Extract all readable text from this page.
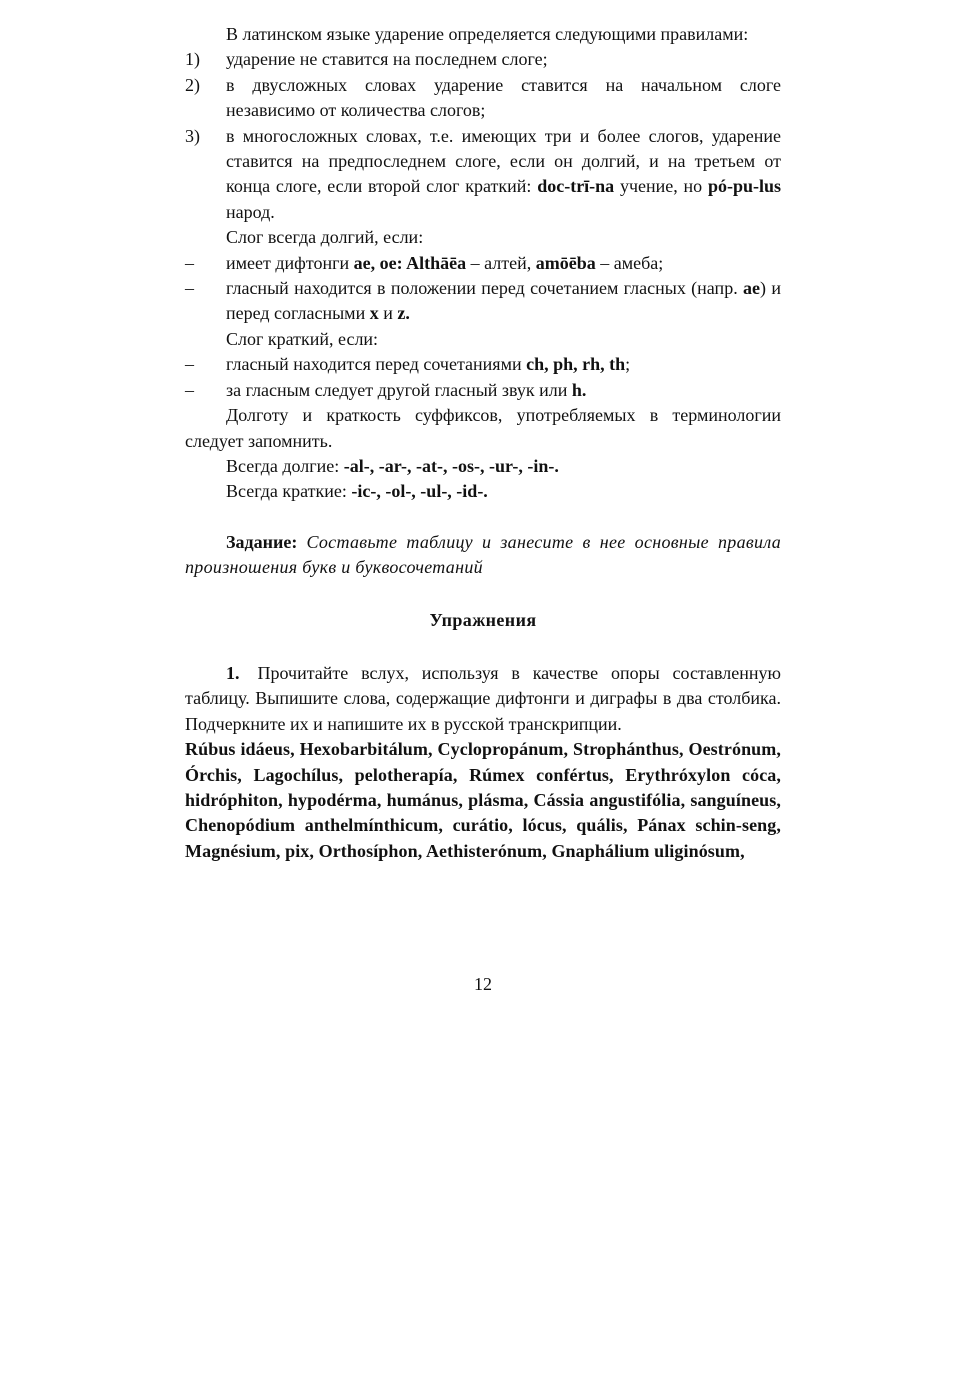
В латинском языке ударение определяется следующими правилами:

1)	ударение не ставится на последнем слоге;
2)	в двусложных словах ударение ставится на начальном слоге независимо от количества слогов;
3)	в многосложных словах, т.е. имеющих три и более слогов, ударение ставится на предпоследнем слоге, если он долгий, и на третьем от конца слоге, если второй слог краткий: doc-trī-na учение, но pó-pu-lus народ.

Слог всегда долгий, если:

–	имеет дифтонги ae, oe: Althāēa – алтей, amōēba – амеба;
–	гласный находится в положении перед сочетанием гласных (напр. ae) и перед согласными x и z.

Слог краткий, если:

–	гласный находится перед сочетаниями ch, ph, rh, th;
–	за гласным следует другой гласный звук или h.

Долготу и краткость суффиксов, употребляемых в терминологии следует запомнить.

Всегда долгие: -al-, -ar-, -at-, -os-, -ur-, -in-.

Всегда краткие: -ic-, -ol-, -ul-, -id-.

Задание: Составьте таблицу и занесите в нее основные правила произношения букв и буквосочетаний

Упражнения

1. Прочитайте вслух, используя в качестве опоры составленную таблицу. Выпишите слова, содержащие дифтонги и диграфы в два столбика. Подчеркните их и напишите их в русской транскрипции.

Rúbus idáeus, Hexobarbitálum, Cyclopropánum, Strophánthus, Oestrónum, Órchis, Lagochílus, pelotherapía, Rúmex confértus, Erythróxylon cóca, hidróphiton, hypodérma, humánus, plásma, Cássia angustifólia, sanguíneus, Chenopódium anthelmínthicum, curátio, lócus, quális, Pánax schin-seng, Magnésium, pix, Orthosíphon, Aethisterónum, Gnaphálium uliginósum,

12
